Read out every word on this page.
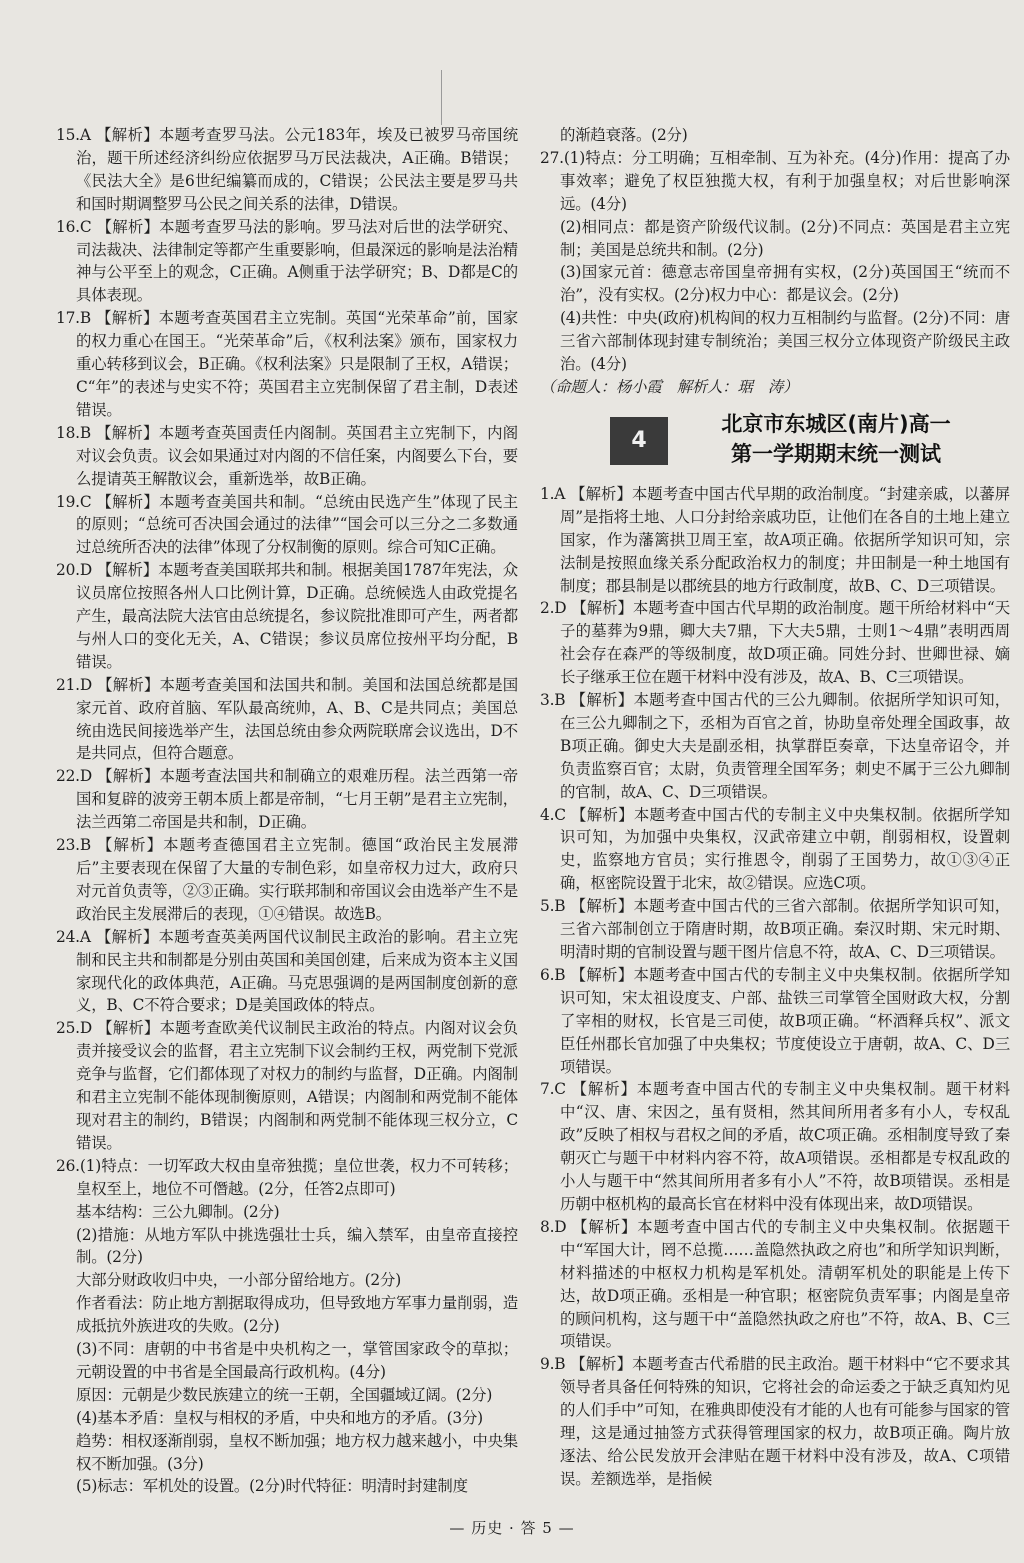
15.A 【解析】本题考查罗马法。公元183年，埃及已被罗马帝国统治，题干所述经济纠纷应依据罗马万民法裁决，A正确。B错误；《民法大全》是6世纪编纂而成的，C错误；公民法主要是罗马共和国时期调整罗马公民之间关系的法律，D错误。

16.C 【解析】本题考查罗马法的影响。罗马法对后世的法学研究、司法裁决、法律制定等都产生重要影响，但最深远的影响是法治精神与公平至上的观念，C正确。A侧重于法学研究；B、D都是C的具体表现。

17.B 【解析】本题考查英国君主立宪制。英国“光荣革命”前，国家的权力重心在国王。“光荣革命”后，《权利法案》颁布，国家权力重心转移到议会，B正确。《权利法案》只是限制了王权，A错误；C“年”的表述与史实不符；英国君主立宪制保留了君主制，D表述错误。

18.B 【解析】本题考查英国责任内阁制。英国君主立宪制下，内阁对议会负责。议会如果通过对内阁的不信任案，内阁要么下台，要么提请英王解散议会，重新选举，故B正确。

19.C 【解析】本题考查美国共和制。“总统由民选产生”体现了民主的原则；“总统可否决国会通过的法律”“国会可以三分之二多数通过总统所否决的法律”体现了分权制衡的原则。综合可知C正确。

20.D 【解析】本题考查美国联邦共和制。根据美国1787年宪法，众议员席位按照各州人口比例计算，D正确。总统候选人由政党提名产生，最高法院大法官由总统提名，参议院批准即可产生，两者都与州人口的变化无关，A、C错误；参议员席位按州平均分配，B错误。

21.D 【解析】本题考查美国和法国共和制。美国和法国总统都是国家元首、政府首脑、军队最高统帅，A、B、C是共同点；美国总统由选民间接选举产生，法国总统由参众两院联席会议选出，D不是共同点，但符合题意。

22.D 【解析】本题考查法国共和制确立的艰难历程。法兰西第一帝国和复辟的波旁王朝本质上都是帝制，“七月王朝”是君主立宪制，法兰西第二帝国是共和制，D正确。

23.B 【解析】本题考查德国君主立宪制。德国“政治民主发展滞后”主要表现在保留了大量的专制色彩，如皇帝权力过大，政府只对元首负责等，②③正确。实行联邦制和帝国议会由选举产生不是政治民主发展滞后的表现，①④错误。故选B。

24.A 【解析】本题考查英美两国代议制民主政治的影响。君主立宪制和民主共和制都是分别由英国和美国创建，后来成为资本主义国家现代化的政体典范，A正确。马克思强调的是两国制度创新的意义，B、C不符合要求；D是美国政体的特点。

25.D 【解析】本题考查欧美代议制民主政治的特点。内阁对议会负责并接受议会的监督，君主立宪制下议会制约王权，两党制下党派竞争与监督，它们都体现了对权力的制约与监督，D正确。内阁制和君主立宪制不能体现制衡原则，A错误；内阁制和两党制不能体现对君主的制约，B错误；内阁制和两党制不能体现三权分立，C错误。

26.(1)特点：一切军政大权由皇帝独揽；皇位世袭，权力不可转移；皇权至上，地位不可僭越。(2分，任答2点即可)

基本结构：三公九卿制。(2分)

(2)措施：从地方军队中挑选强壮士兵，编入禁军，由皇帝直接控制。(2分)

大部分财政收归中央，一小部分留给地方。(2分)

作者看法：防止地方割据取得成功，但导致地方军事力量削弱，造成抵抗外族进攻的失败。(2分)

(3)不同：唐朝的中书省是中央机构之一，掌管国家政令的草拟；元朝设置的中书省是全国最高行政机构。(4分)

原因：元朝是少数民族建立的统一王朝，全国疆域辽阔。(2分)

(4)基本矛盾：皇权与相权的矛盾，中央和地方的矛盾。(3分)

趋势：相权逐渐削弱，皇权不断加强；地方权力越来越小，中央集权不断加强。(3分)

(5)标志：军机处的设置。(2分)时代特征：明清时封建制度

的渐趋衰落。(2分)

27.(1)特点：分工明确；互相牵制、互为补充。(4分)作用：提高了办事效率；避免了权臣独揽大权，有利于加强皇权；对后世影响深远。(4分)

(2)相同点：都是资产阶级代议制。(2分)不同点：英国是君主立宪制；美国是总统共和制。(2分)

(3)国家元首：德意志帝国皇帝拥有实权，(2分)英国国王“统而不治”，没有实权。(2分)权力中心：都是议会。(2分)

(4)共性：中央(政府)机构间的权力互相制约与监督。(2分)不同：唐三省六部制体现封建专制统治；美国三权分立体现资产阶级民主政治。(4分)

（命题人：杨小霞　解析人：琚　涛）

4
北京市东城区(南片)高一
第一学期期末统一测试

1.A 【解析】本题考查中国古代早期的政治制度。“封建亲戚，以蕃屏周”是指将土地、人口分封给亲戚功臣，让他们在各自的土地上建立国家，作为藩篱拱卫周王室，故A项正确。依据所学知识可知，宗法制是按照血缘关系分配政治权力的制度；井田制是一种土地国有制度；郡县制是以郡统县的地方行政制度，故B、C、D三项错误。

2.D 【解析】本题考查中国古代早期的政治制度。题干所给材料中“天子的墓葬为9鼎，卿大夫7鼎，下大夫5鼎，士则1～4鼎”表明西周社会存在森严的等级制度，故D项正确。同姓分封、世卿世禄、嫡长子继承王位在题干材料中没有涉及，故A、B、C三项错误。

3.B 【解析】本题考查中国古代的三公九卿制。依据所学知识可知，在三公九卿制之下，丞相为百官之首，协助皇帝处理全国政事，故B项正确。御史大夫是副丞相，执掌群臣奏章，下达皇帝诏令，并负责监察百官；太尉，负责管理全国军务；刺史不属于三公九卿制的官制，故A、C、D三项错误。

4.C 【解析】本题考查中国古代的专制主义中央集权制。依据所学知识可知，为加强中央集权，汉武帝建立中朝，削弱相权，设置刺史，监察地方官员；实行推恩令，削弱了王国势力，故①③④正确，枢密院设置于北宋，故②错误。应选C项。

5.B 【解析】本题考查中国古代的三省六部制。依据所学知识可知，三省六部制创立于隋唐时期，故B项正确。秦汉时期、宋元时期、明清时期的官制设置与题干图片信息不符，故A、C、D三项错误。

6.B 【解析】本题考查中国古代的专制主义中央集权制。依据所学知识可知，宋太祖设度支、户部、盐铁三司掌管全国财政大权，分割了宰相的财权，长官是三司使，故B项正确。“杯酒释兵权”、派文臣任州郡长官加强了中央集权；节度使设立于唐朝，故A、C、D三项错误。

7.C 【解析】本题考查中国古代的专制主义中央集权制。题干材料中“汉、唐、宋因之，虽有贤相，然其间所用者多有小人，专权乱政”反映了相权与君权之间的矛盾，故C项正确。丞相制度导致了秦朝灭亡与题干中材料内容不符，故A项错误。丞相都是专权乱政的小人与题干中“然其间所用者多有小人”不符，故B项错误。丞相是历朝中枢机构的最高长官在材料中没有体现出来，故D项错误。

8.D 【解析】本题考查中国古代的专制主义中央集权制。依据题干中“军国大计，罔不总揽……盖隐然执政之府也”和所学知识判断，材料描述的中枢权力机构是军机处。清朝军机处的职能是上传下达，故D项正确。丞相是一种官职；枢密院负责军事；内阁是皇帝的顾问机构，这与题干中“盖隐然执政之府也”不符，故A、B、C三项错误。

9.B 【解析】本题考查古代希腊的民主政治。题干材料中“它不要求其领导者具备任何特殊的知识，它将社会的命运委之于缺乏真知灼见的人们手中”可知，在雅典即使没有才能的人也有可能参与国家的管理，这是通过抽签方式获得管理国家的权力，故B项正确。陶片放逐法、给公民发放开会津贴在题干材料中没有涉及，故A、C项错误。差额选举，是指候

— 历史 · 答 5 —
